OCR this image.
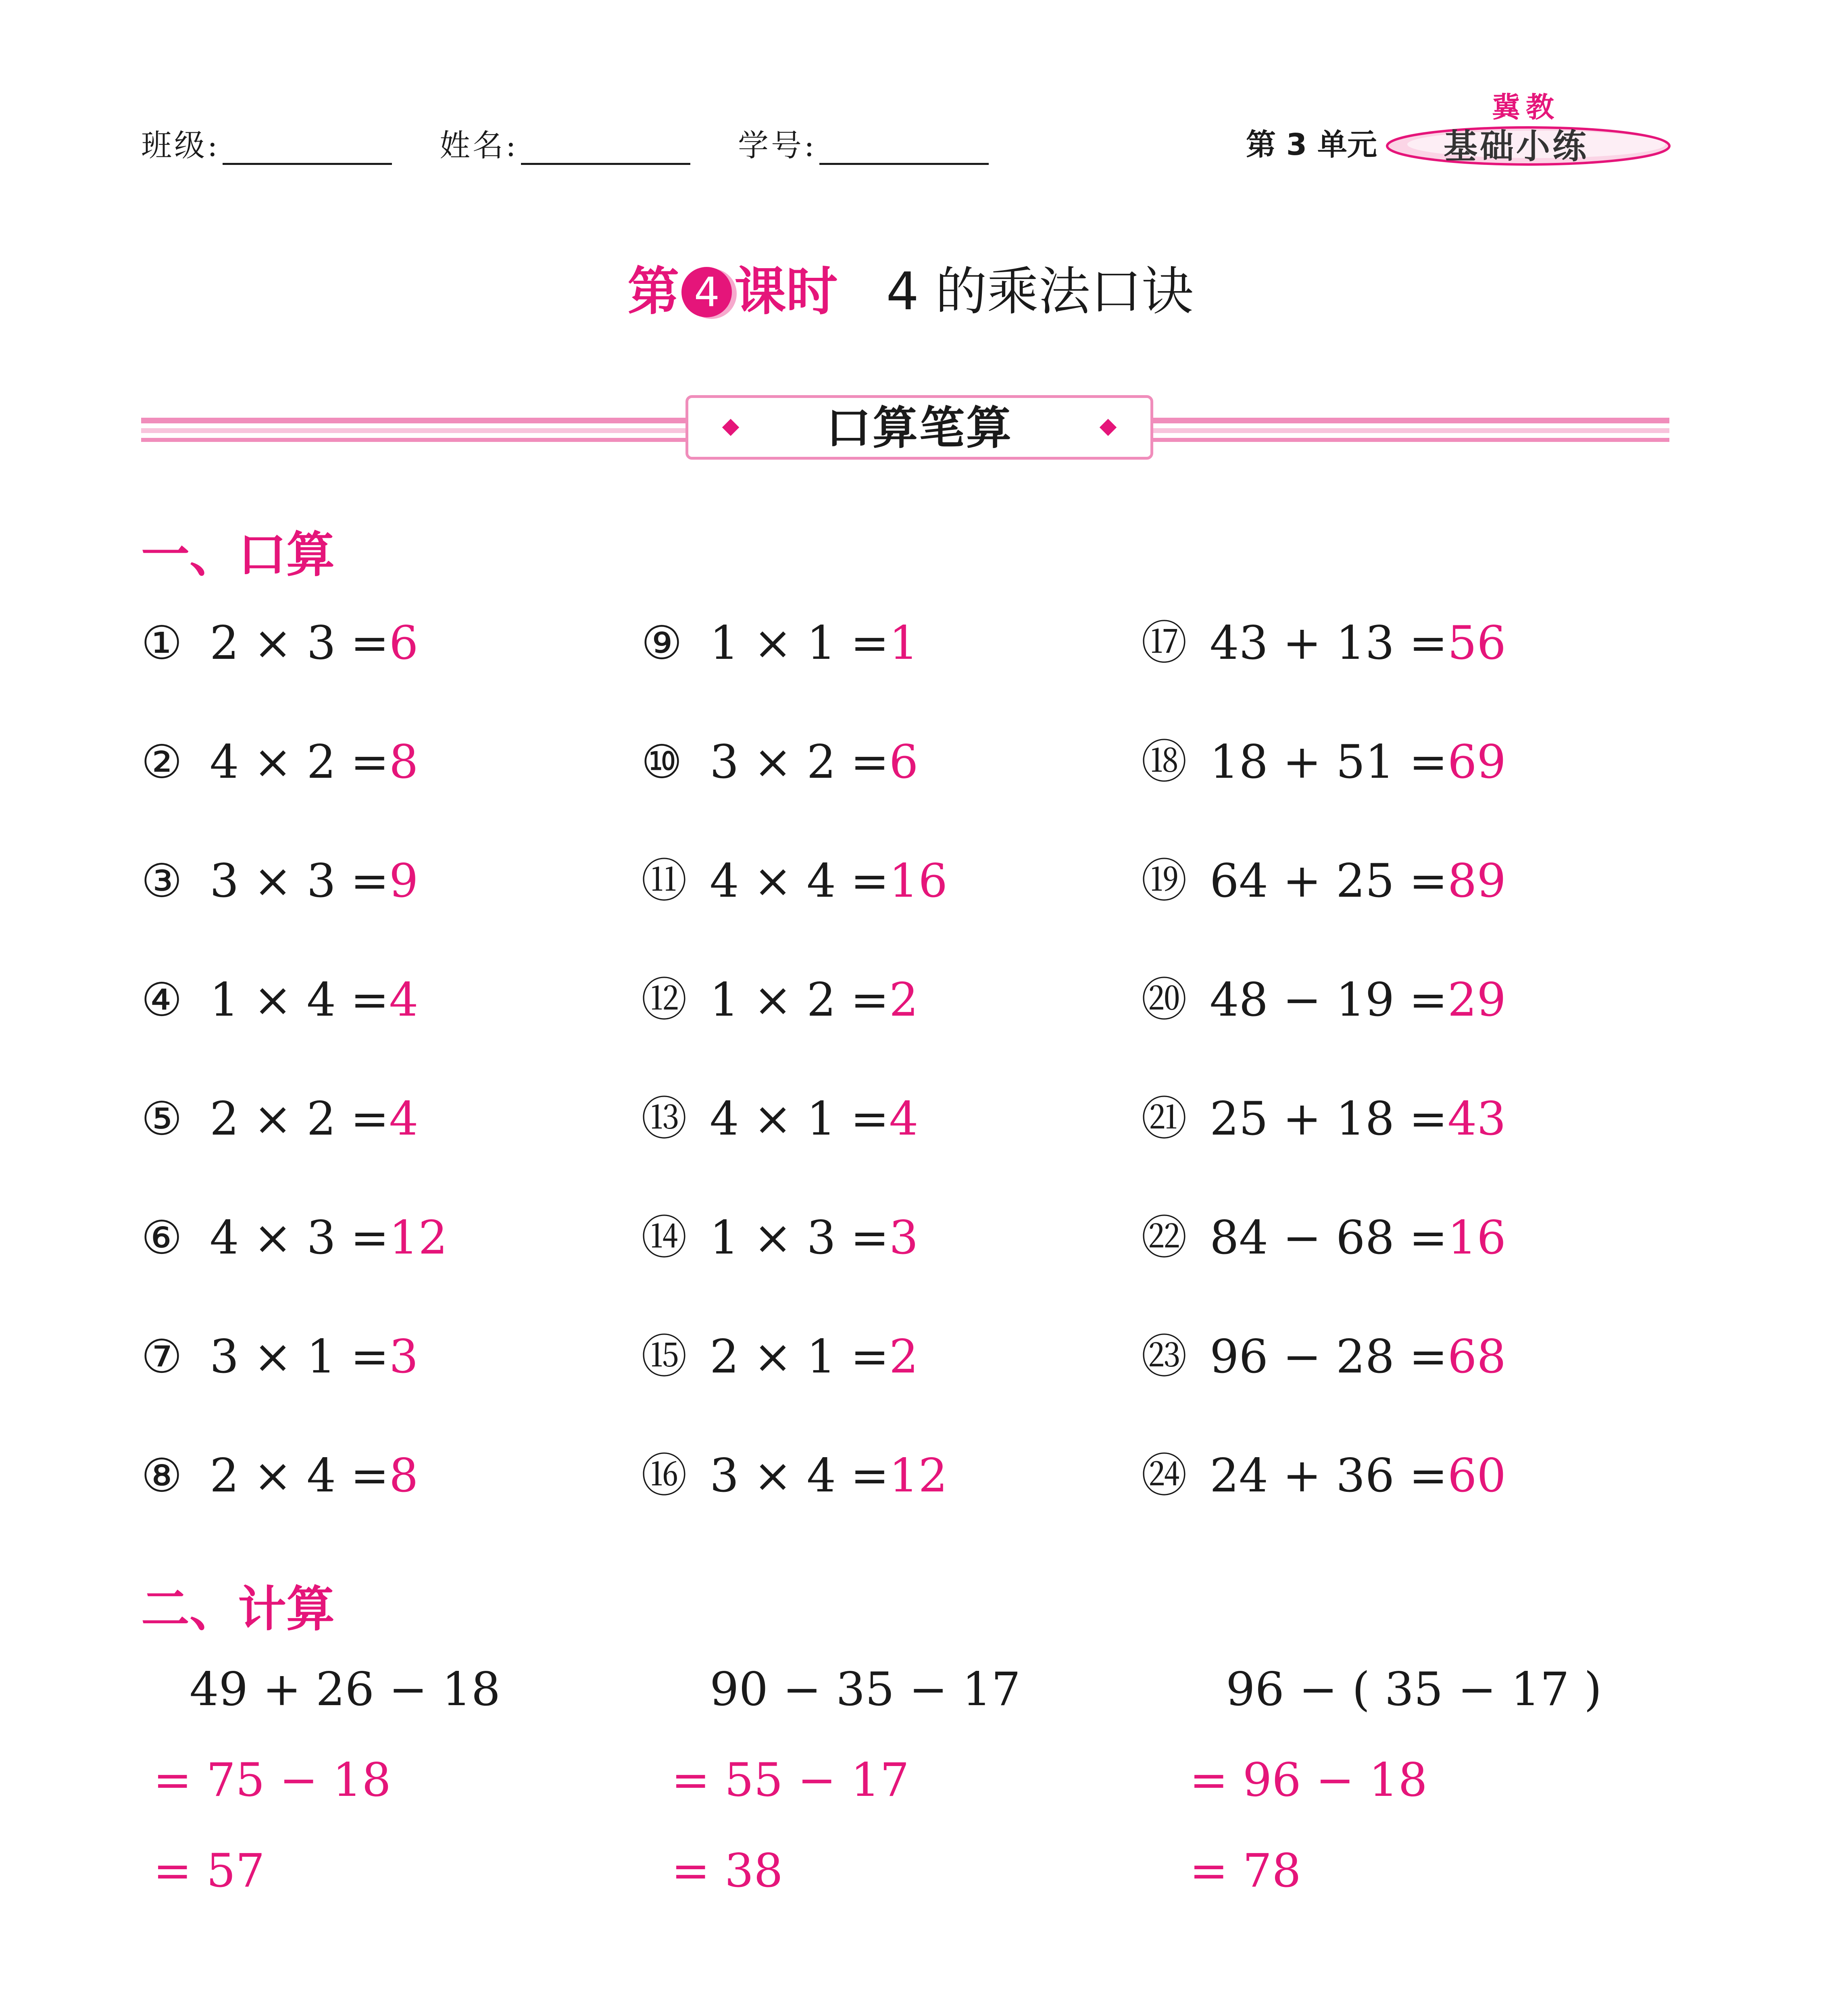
班级:	姓名:	学号:	第 3 单元
冀教
基础小练
第 4 课时 4 的乘法口诀
口算笔算
一、口算
① 2 × 3 =6
② 4 × 2 =8
③ 3 × 3 =9
④ 1 × 4 =4
⑤ 2 × 2 =4
⑥ 4 × 3 =12
⑦ 3 × 1 =3
⑧ 2 × 4 =8
⑨ 1 × 1 =1
⑩ 3 × 2 =6
⑪ 4 × 4 =16
⑫ 1 × 2 =2
⑬ 4 × 1 =4
⑭ 1 × 3 =3
⑮ 2 × 1 =2
⑯ 3 × 4 =12
⑰ 43 + 13 =56
⑱ 18 + 51 =69
⑲ 64 + 25 =89
⑳ 48 − 19 =29
㉑ 25 + 18 =43
㉒ 84 − 68 =16
㉓ 96 − 28 =68
㉔ 24 + 36 =60
二、计算
49 + 26 − 18
= 75 − 18
= 57
90 − 35 − 17
= 55 − 17
= 38
96 − ( 35 − 17 )
= 96 − 18
= 78
